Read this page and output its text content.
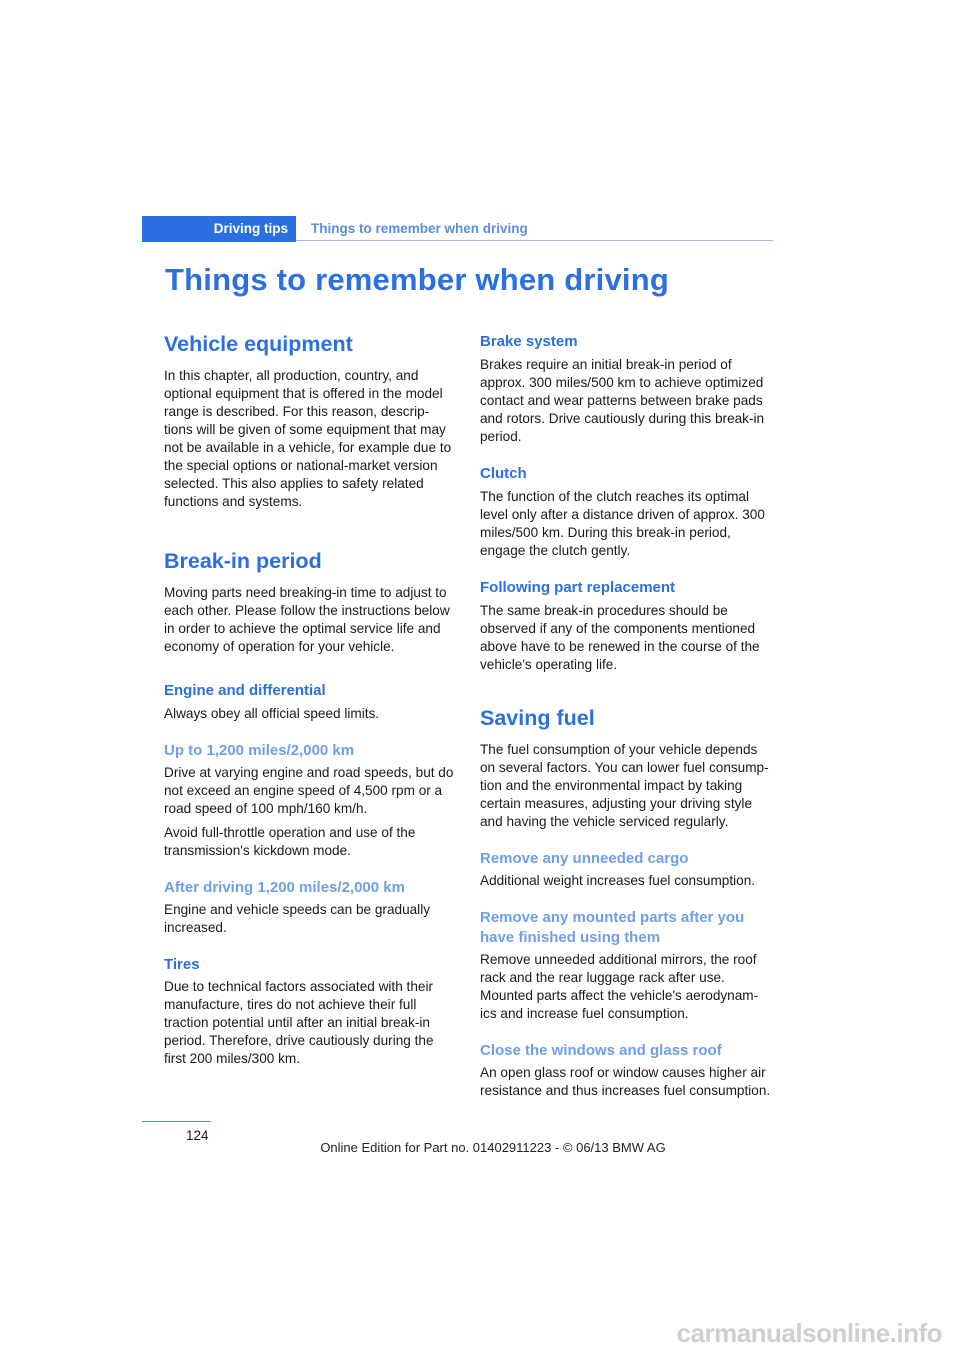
Driving tips	Things to remember when driving
Things to remember when driving
Vehicle equipment

In this chapter, all production, country, and optional equipment that is offered in the model range is described. For this reason, descrip-tions will be given of some equipment that may not be available in a vehicle, for example due to the special options or national-market version selected. This also applies to safety related functions and systems.

Break-in period

Moving parts need breaking-in time to adjust to each other. Please follow the instructions below in order to achieve the optimal service life and economy of operation for your vehicle.

Engine and differential

Always obey all official speed limits.

Up to 1,200 miles/2,000 km

Drive at varying engine and road speeds, but do not exceed an engine speed of 4,500 rpm or a road speed of 100 mph/160 km/h.

Avoid full-throttle operation and use of the transmission's kickdown mode.

After driving 1,200 miles/2,000 km

Engine and vehicle speeds can be gradually increased.

Tires

Due to technical factors associated with their manufacture, tires do not achieve their full traction potential until after an initial break-in period. Therefore, drive cautiously during the first 200 miles/300 km.

Brake system

Brakes require an initial break-in period of approx. 300 miles/500 km to achieve optimized contact and wear patterns between brake pads and rotors. Drive cautiously during this break-in period.

Clutch

The function of the clutch reaches its optimal level only after a distance driven of approx. 300 miles/500 km. During this break-in period, engage the clutch gently.

Following part replacement

The same break-in procedures should be observed if any of the components mentioned above have to be renewed in the course of the vehicle's operating life.

Saving fuel

The fuel consumption of your vehicle depends on several factors. You can lower fuel consump-tion and the environmental impact by taking certain measures, adjusting your driving style and having the vehicle serviced regularly.

Remove any unneeded cargo

Additional weight increases fuel consumption.

Remove any mounted parts after you have finished using them

Remove unneeded additional mirrors, the roof rack and the rear luggage rack after use. Mounted parts affect the vehicle's aerodynam-ics and increase fuel consumption.

Close the windows and glass roof

An open glass roof or window causes higher air resistance and thus increases fuel consumption.

124
Online Edition for Part no. 01402911223 - © 06/13 BMW AG
carmanualsonline.info
